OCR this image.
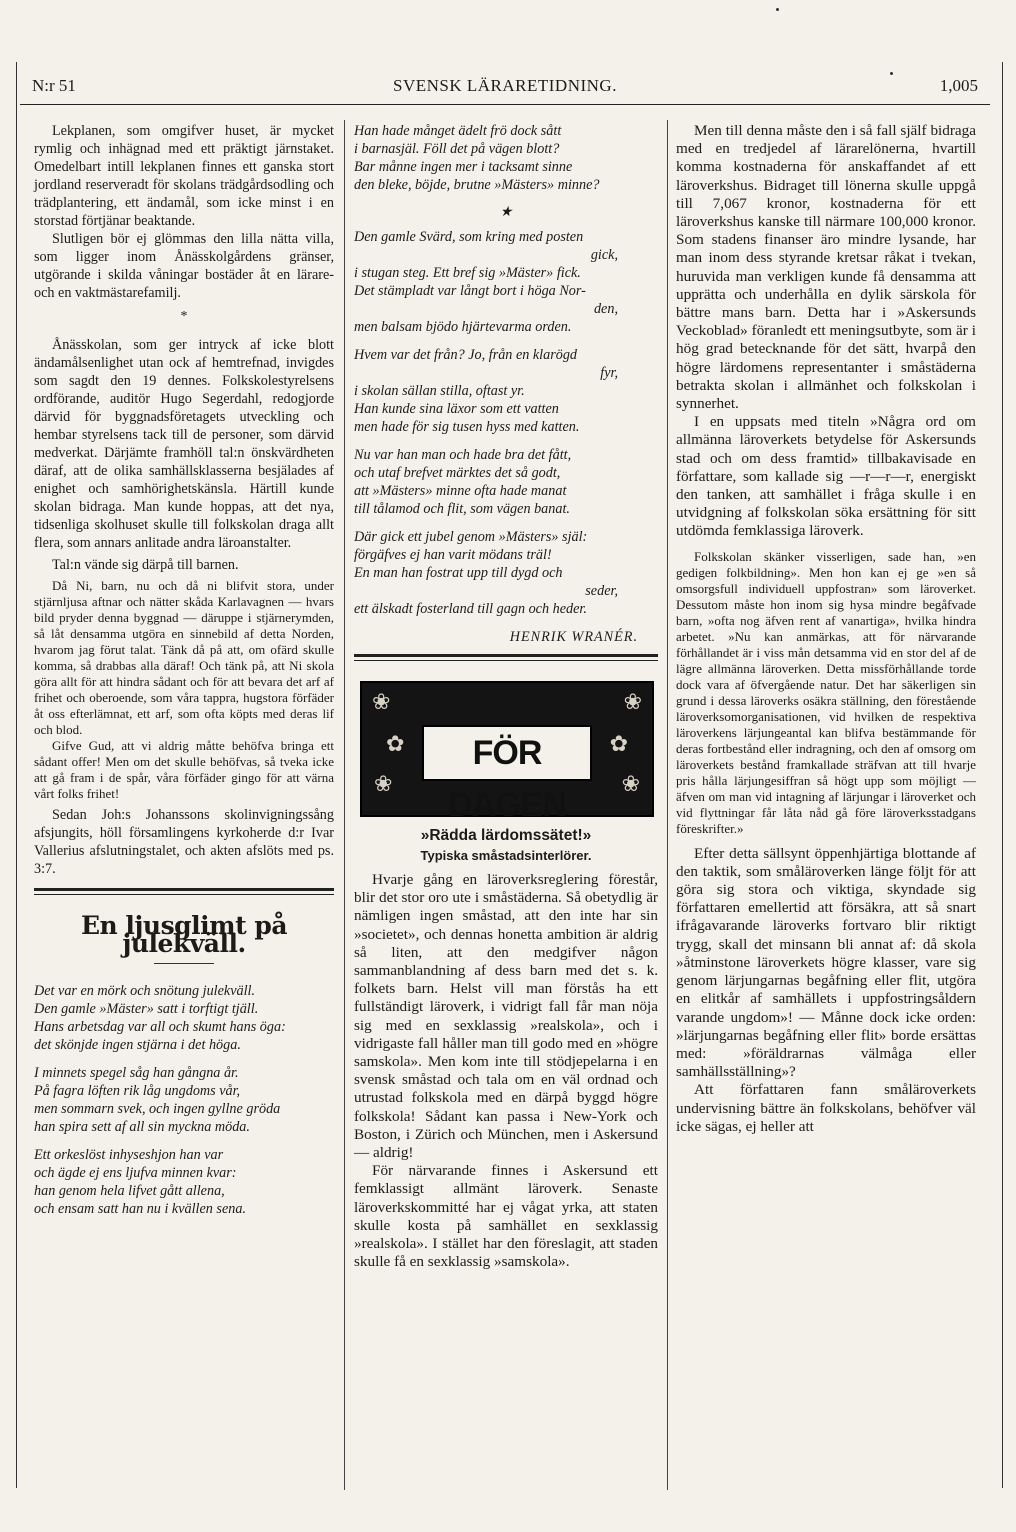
N:r 51	SVENSK LÄRARETIDNING.	1,005

Lekplanen, som omgifver huset, är mycket rymlig och inhägnad med ett präktigt järnstaket. Omedelbart intill lekplanen finnes ett ganska stort jordland reserveradt för skolans trädgårdsodling och trädplantering, ett ändamål, som icke minst i en storstad förtjänar beaktande.

Slutligen bör ej glömmas den lilla nätta villa, som ligger inom Ånässkolgårdens gränser, utgörande i skilda våningar bostäder åt en lärare- och en vaktmästarefamilj.

*

Ånässkolan, som ger intryck af icke blott ändamålsenlighet utan ock af hemtrefnad, invigdes som sagdt den 19 dennes. Folkskolestyrelsens ordförande, auditör Hugo Segerdahl, redogjorde därvid för byggnadsföretagets utveckling och hembar styrelsens tack till de personer, som därvid medverkat. Därjämte framhöll tal:n önskvärdheten däraf, att de olika samhällsklasserna besjälades af enighet och samhörighetskänsla. Härtill kunde skolan bidraga. Man kunde hoppas, att det nya, tidsenliga skolhuset skulle till folkskolan draga allt flera, som annars anlitade andra läroanstalter.

Tal:n vände sig därpå till barnen.

Då Ni, barn, nu och då ni blifvit stora, under stjärnljusa aftnar och nätter skåda Karlavagnen — hvars bild pryder denna byggnad — däruppe i stjärnerymden, så låt densamma utgöra en sinnebild af detta Norden, hvarom jag förut talat. Tänk då på att, om ofärd skulle komma, så drabbas alla däraf! Och tänk på, att Ni skola göra allt för att hindra sådant och för att bevara det arf af frihet och oberoende, som våra tappra, hugstora förfäder åt oss efterlämnat, ett arf, som ofta köpts med deras lif och blod.

Gifve Gud, att vi aldrig måtte behöfva bringa ett sådant offer! Men om det skulle behöfvas, så tveka icke att gå fram i de spår, våra förfäder gingo för att värna vårt folks frihet!

Sedan Joh:s Johanssons skolinvigningssång afsjungits, höll församlingens kyrkoherde d:r Ivar Vallerius afslutningstalet, och akten afslöts med ps. 3:7.

En ljusglimt på julekväll.
Det var en mörk och snötung julekväll.
Den gamle »Mäster» satt i torftigt tjäll.
Hans arbetsdag var all och skumt hans öga:
det skönjde ingen stjärna i det höga.
I minnets spegel såg han gångna år.
På fagra löften rik låg ungdoms vår,
men sommarn svek, och ingen gyllne gröda
han spira sett af all sin myckna möda.
Ett orkeslöst inhyseshjon han var
och ägde ej ens ljufva minnen kvar:
han genom hela lifvet gått allena,
och ensam satt han nu i kvällen sena.
Han hade månget ädelt frö dock sått
i barnasjäl. Föll det på vägen blott?
Bar månne ingen mer i tacksamt sinne
den bleke, böjde, brutne »Mästers» minne?
★
Den gamle Svärd, som kring med posten
gick,
i stugan steg. Ett bref sig »Mäster» fick.
Det stämpladt var långt bort i höga Nor-
den,
men balsam bjödo hjärtevarma orden.
Hvem var det från? Jo, från en klarögd
fyr,
i skolan sällan stilla, oftast yr.
Han kunde sina läxor som ett vatten
men hade för sig tusen hyss med katten.
Nu var han man och hade bra det fått,
och utaf brefvet märktes det så godt,
att »Mästers» minne ofta hade manat
till tålamod och flit, som vägen banat.
Där gick ett jubel genom »Mästers» själ:
förgäfves ej han varit mödans träl!
En man han fostrat upp till dygd och
seder,
ett älskadt fosterland till gagn och heder.
HENRIK WRANÉR.
❀
✿
❀
❀
✿
❀
FÖR DAGEN
»Rädda lärdomssätet!»
Typiska småstadsinterlörer.

Hvarje gång en läroverksreglering förestår, blir det stor oro ute i småstäderna. Så obetydlig är nämligen ingen småstad, att den inte har sin »societet», och dennas honetta ambition är aldrig så liten, att den medgifver någon sammanblandning af dess barn med det s. k. folkets barn. Helst vill man förstås ha ett fullständigt läroverk, i vidrigt fall får man nöja sig med en sexklassig »realskola», och i vidrigaste fall håller man till godo med en »högre samskola». Men kom inte till stödjepelarna i en svensk småstad och tala om en väl ordnad och utrustad folkskola med en därpå byggd högre folkskola! Sådant kan passa i New-York och Boston, i Zürich och München, men i Askersund — aldrig!

För närvarande finnes i Askersund ett femklassigt allmänt läroverk. Senaste läroverkskommitté har ej vågat yrka, att staten skulle kosta på samhället en sexklassig »realskola». I stället har den föreslagit, att staden skulle få en sexklassig »samskola».

Men till denna måste den i så fall själf bidraga med en tredjedel af lärarelönerna, hvartill komma kostnaderna för anskaffandet af ett läroverkshus. Bidraget till lönerna skulle uppgå till 7,067 kronor, kostnaderna för ett läroverkshus kanske till närmare 100,000 kronor. Som stadens finanser äro mindre lysande, har man inom dess styrande kretsar råkat i tvekan, huruvida man verkligen kunde få densamma att upprätta och underhålla en dylik särskola för bättre mans barn. Detta har i »Askersunds Veckoblad» föranledt ett meningsutbyte, som är i hög grad betecknande för det sätt, hvarpå den högre lärdomens representanter i småstäderna betrakta skolan i allmänhet och folkskolan i synnerhet.

I en uppsats med titeln »Några ord om allmänna läroverkets betydelse för Askersunds stad och om dess framtid» tillbakavisade en författare, som kallade sig —r—r—r, energiskt den tanken, att samhället i fråga skulle i en utvidgning af folkskolan söka ersättning för sitt utdömda femklassiga läroverk.

Folkskolan skänker visserligen, sade han, »en gedigen folkbildning». Men hon kan ej ge »en så omsorgsfull individuell uppfostran» som läroverket. Dessutom måste hon inom sig hysa mindre begåfvade barn, »ofta nog äfven rent af vanartiga», hvilka hindra arbetet. »Nu kan anmärkas, att för närvarande förhållandet är i viss mån detsamma vid en stor del af de lägre allmänna läroverken. Detta missförhållande torde dock vara af öfvergående natur. Det har säkerligen sin grund i dessa läroverks osäkra ställning, den förestående läroverksomorganisationen, vid hvilken de respektiva läroverkens lärjungeantal kan blifva bestämmande för deras fortbestånd eller indragning, och den af omsorg om läroverkets bestånd framkallade sträfvan att till hvarje pris hålla lärjungesiffran så högt upp som möjligt — äfven om man vid intagning af lärjungar i läroverket och vid flyttningar får låta nåd gå före läroverksstadgans föreskrifter.»

Efter detta sällsynt öppenhjärtiga blottande af den taktik, som småläroverken länge följt för att göra sig stora och viktiga, skyndade sig författaren emellertid att försäkra, att så snart ifrågavarande läroverks fortvaro blir riktigt trygg, skall det minsann bli annat af: då skola »åtminstone läroverkets högre klasser, vare sig genom lärjungarnas begåfning eller flit, utgöra en elitkår af samhällets i uppfostringsåldern varande ungdom»! — Månne dock icke orden: »lärjungarnas begåfning eller flit» borde ersättas med: »föräldrarnas välmåga eller samhällsställning»?

Att författaren fann småläroverkets undervisning bättre än folkskolans, behöfver väl icke sägas, ej heller att
